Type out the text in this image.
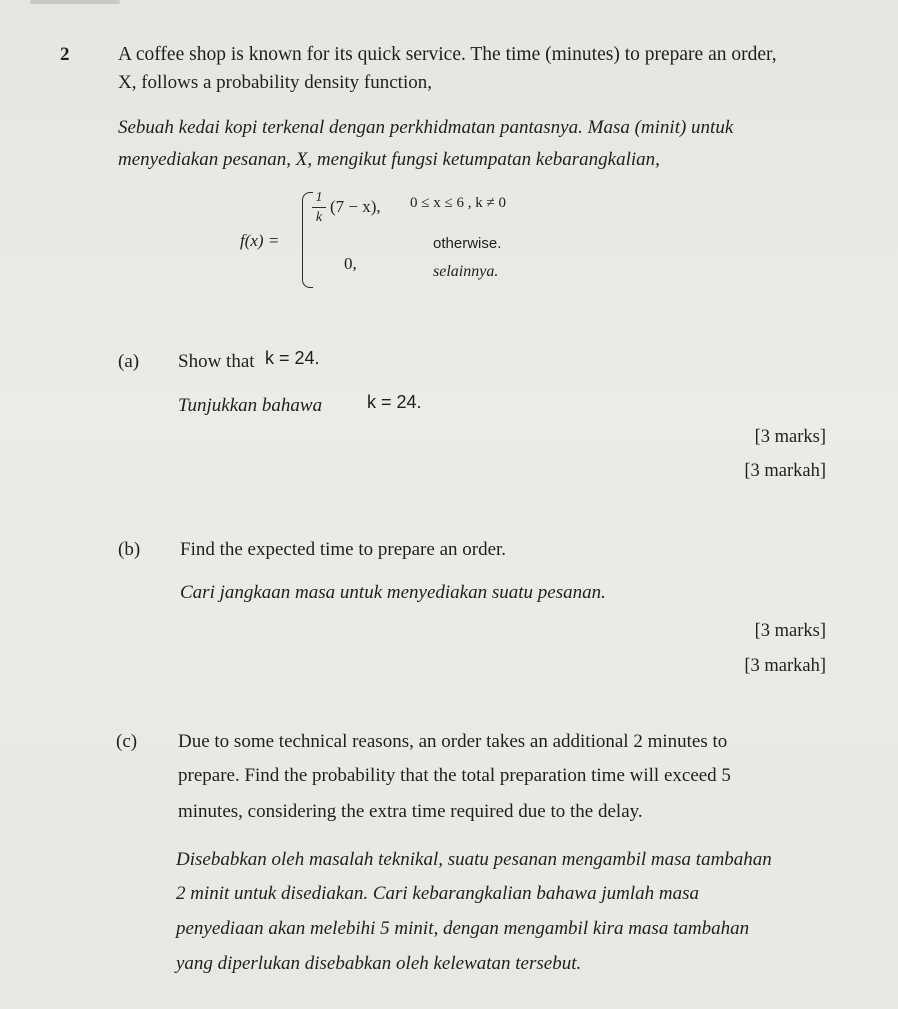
2 A coffee shop is known for its quick service. The time (minutes) to prepare an order,
X, follows a probability density function,
Sebuah kedai kopi terkenal dengan perkhidmatan pantasnya. Masa (minit) untuk
menyediakan pesanan, X, mengikut fungsi ketumpatan kebarangkalian,
f(x) =
1
k
(7 − x), 0 ≤ x ≤ 6 , k ≠ 0
0,
otherwise.
selainnya.
(a) Show that k = 24.
Tunjukkan bahawa k = 24.
[3 marks]
[3 markah]
(b) Find the expected time to prepare an order.
Cari jangkaan masa untuk menyediakan suatu pesanan.
[3 marks]
[3 markah]
(c) Due to some technical reasons, an order takes an additional 2 minutes to
prepare. Find the probability that the total preparation time will exceed 5
minutes, considering the extra time required due to the delay.
Disebabkan oleh masalah teknikal, suatu pesanan mengambil masa tambahan
2 minit untuk disediakan. Cari kebarangkalian bahawa jumlah masa
penyediaan akan melebihi 5 minit, dengan mengambil kira masa tambahan
yang diperlukan disebabkan oleh kelewatan tersebut.
